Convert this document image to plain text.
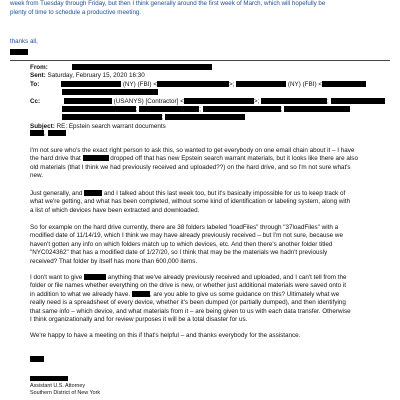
week from Tuesday through Friday, but then I think generally around the first week of March, which will hopefully be

plenty of time to schedule a productive meeting.

thanks all,
From:
Sent: Saturday, February 15, 2020 16:30
To:	(NY) (FBI) <	>;	(NY) (FBI) <

Cc:	(USANYS) [Contractor] <	>;	;
;	;	;
;
Subject: RE: Epstein search warrant documents
,

I'm not sure who's the exact right person to ask this, so wanted to get everybody on one email chain about it – I have

the hard drive that	dropped off that has new Epstein search warrant materials, but it looks like there are also

old materials (that I think we had previously received and uploaded??) on the hard drive, and so I'm not sure what's

new.

Just generally, and	and I talked about this last week too, but it's basically impossible for us to keep track of

what we're getting, and what has been completed, without some kind of identification or labeling system, along with

a list of which devices have been extracted and downloaded.

So for example on the hard drive currently, there are 38 folders labeled "loadFiles" through "37loadFiles" with a

modified date of 11/14/19, which I think we may have already previously received – but I'm not sure, because we

haven't gotten any info on which folders match up to which devices, etc. And then there's another folder titled

"NYC024362" that has a modified date of 1/27/20, so I think that may be the materials we hadn't previously

received? That folder by itself has more than 600,000 items.

I don't want to give	anything that we've already previously received and uploaded, and I can't tell from the

folder or file names whether everything on the drive is new, or whether just additional materials were saved onto it

in addition to what we already have.	, are you able to give us some guidance on this? Ultimately what we

really need is a spreadsheet of every device, whether it's been dumped (or partially dumped), and then identifying

that same info – which device, and what materials from it – are being given to us with each data transfer. Otherwise

I think organizationally and for review purposes it will be a total disaster for us.

We're happy to have a meeting on this if that's helpful – and thanks everybody for the assistance.

Assistant U.S. Attorney
Southern District of New York
